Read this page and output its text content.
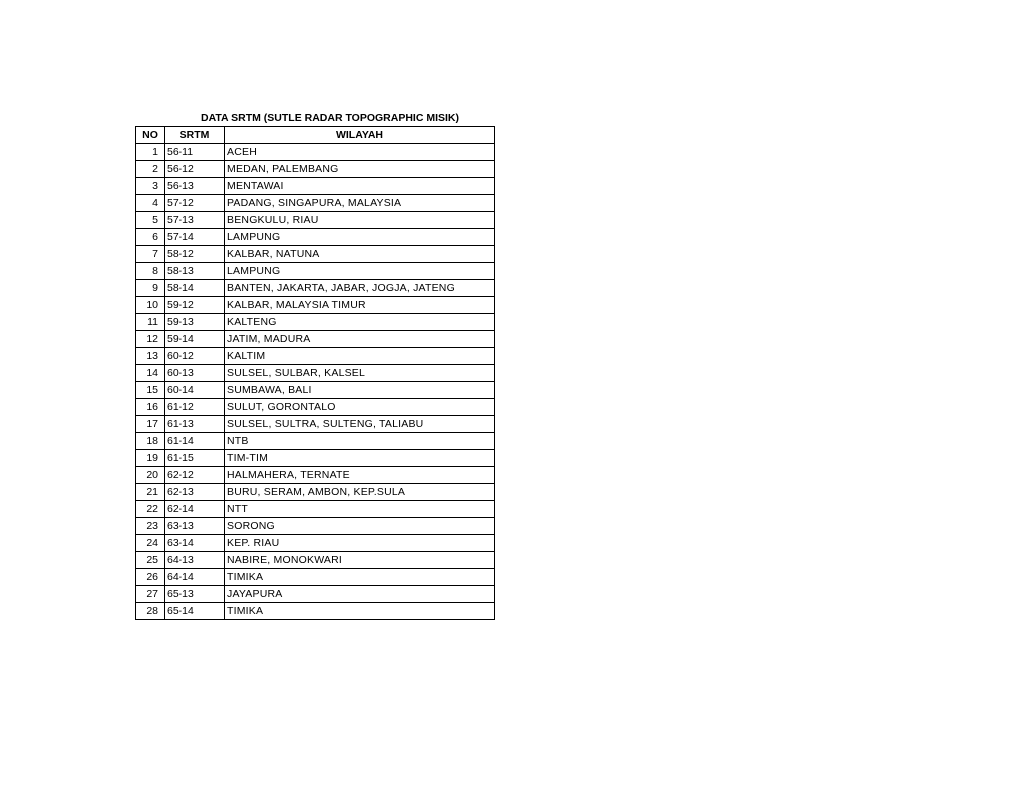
DATA SRTM (SUTLE RADAR TOPOGRAPHIC MISIK)
NO	SRTM	WILAYAH
1	56-11	ACEH
2	56-12	MEDAN, PALEMBANG
3	56-13	MENTAWAI
4	57-12	PADANG, SINGAPURA, MALAYSIA
5	57-13	BENGKULU, RIAU
6	57-14	LAMPUNG
7	58-12	KALBAR, NATUNA
8	58-13	LAMPUNG
9	58-14	BANTEN, JAKARTA, JABAR, JOGJA, JATENG
10	59-12	KALBAR, MALAYSIA TIMUR
11	59-13	KALTENG
12	59-14	JATIM, MADURA
13	60-12	KALTIM
14	60-13	SULSEL, SULBAR, KALSEL
15	60-14	SUMBAWA, BALI
16	61-12	SULUT, GORONTALO
17	61-13	SULSEL, SULTRA, SULTENG, TALIABU
18	61-14	NTB
19	61-15	TIM-TIM
20	62-12	HALMAHERA, TERNATE
21	62-13	BURU, SERAM, AMBON, KEP.SULA
22	62-14	NTT
23	63-13	SORONG
24	63-14	KEP. RIAU
25	64-13	NABIRE, MONOKWARI
26	64-14	TIMIKA
27	65-13	JAYAPURA
28	65-14	TIMIKA
